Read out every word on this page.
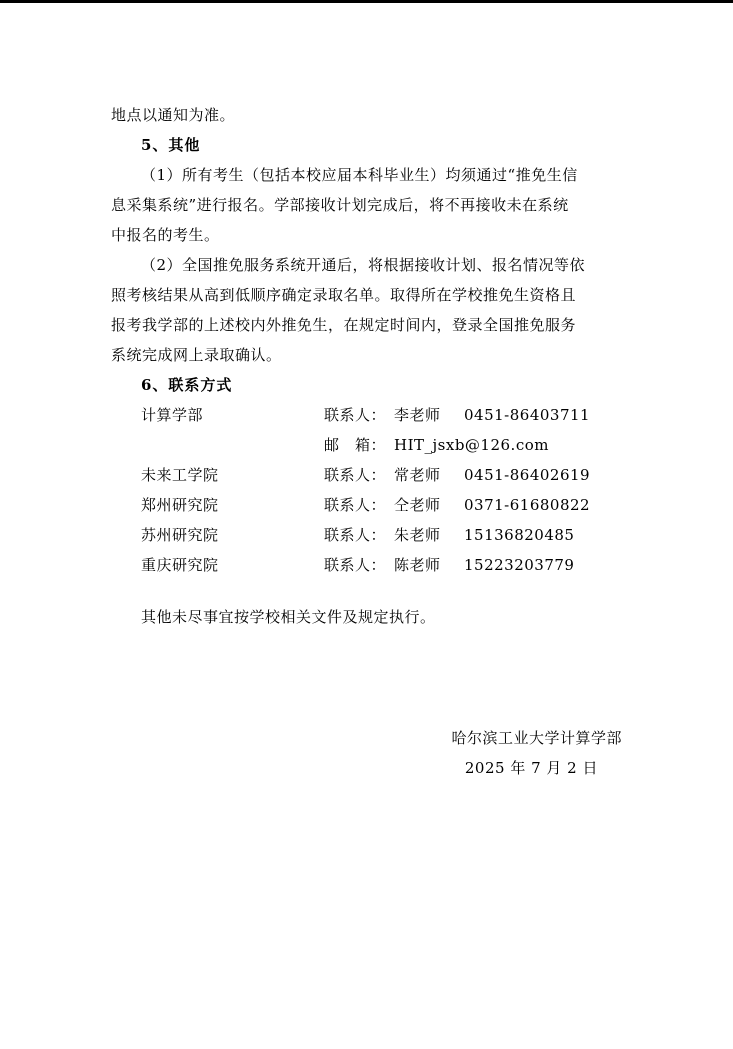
地点以通知为准。
5、其他
（1）所有考生（包括本校应届本科毕业生）均须通过“推免生信
息采集系统”进行报名。学部接收计划完成后，将不再接收未在系统
中报名的考生。
（2）全国推免服务系统开通后，将根据接收计划、报名情况等依
照考核结果从高到低顺序确定录取名单。取得所在学校推免生资格且
报考我学部的上述校内外推免生，在规定时间内，登录全国推免服务
系统完成网上录取确认。
6、联系方式
计算学部	联系人： 李老师	0451-86403711
邮　箱： HIT_jsxb@126.com
未来工学院	联系人： 常老师	0451-86402619
郑州研究院	联系人： 仝老师	0371-61680822
苏州研究院	联系人： 朱老师	15136820485
重庆研究院	联系人： 陈老师	15223203779
其他未尽事宜按学校相关文件及规定执行。
哈尔滨工业大学计算学部
2025 年 7 月 2 日
